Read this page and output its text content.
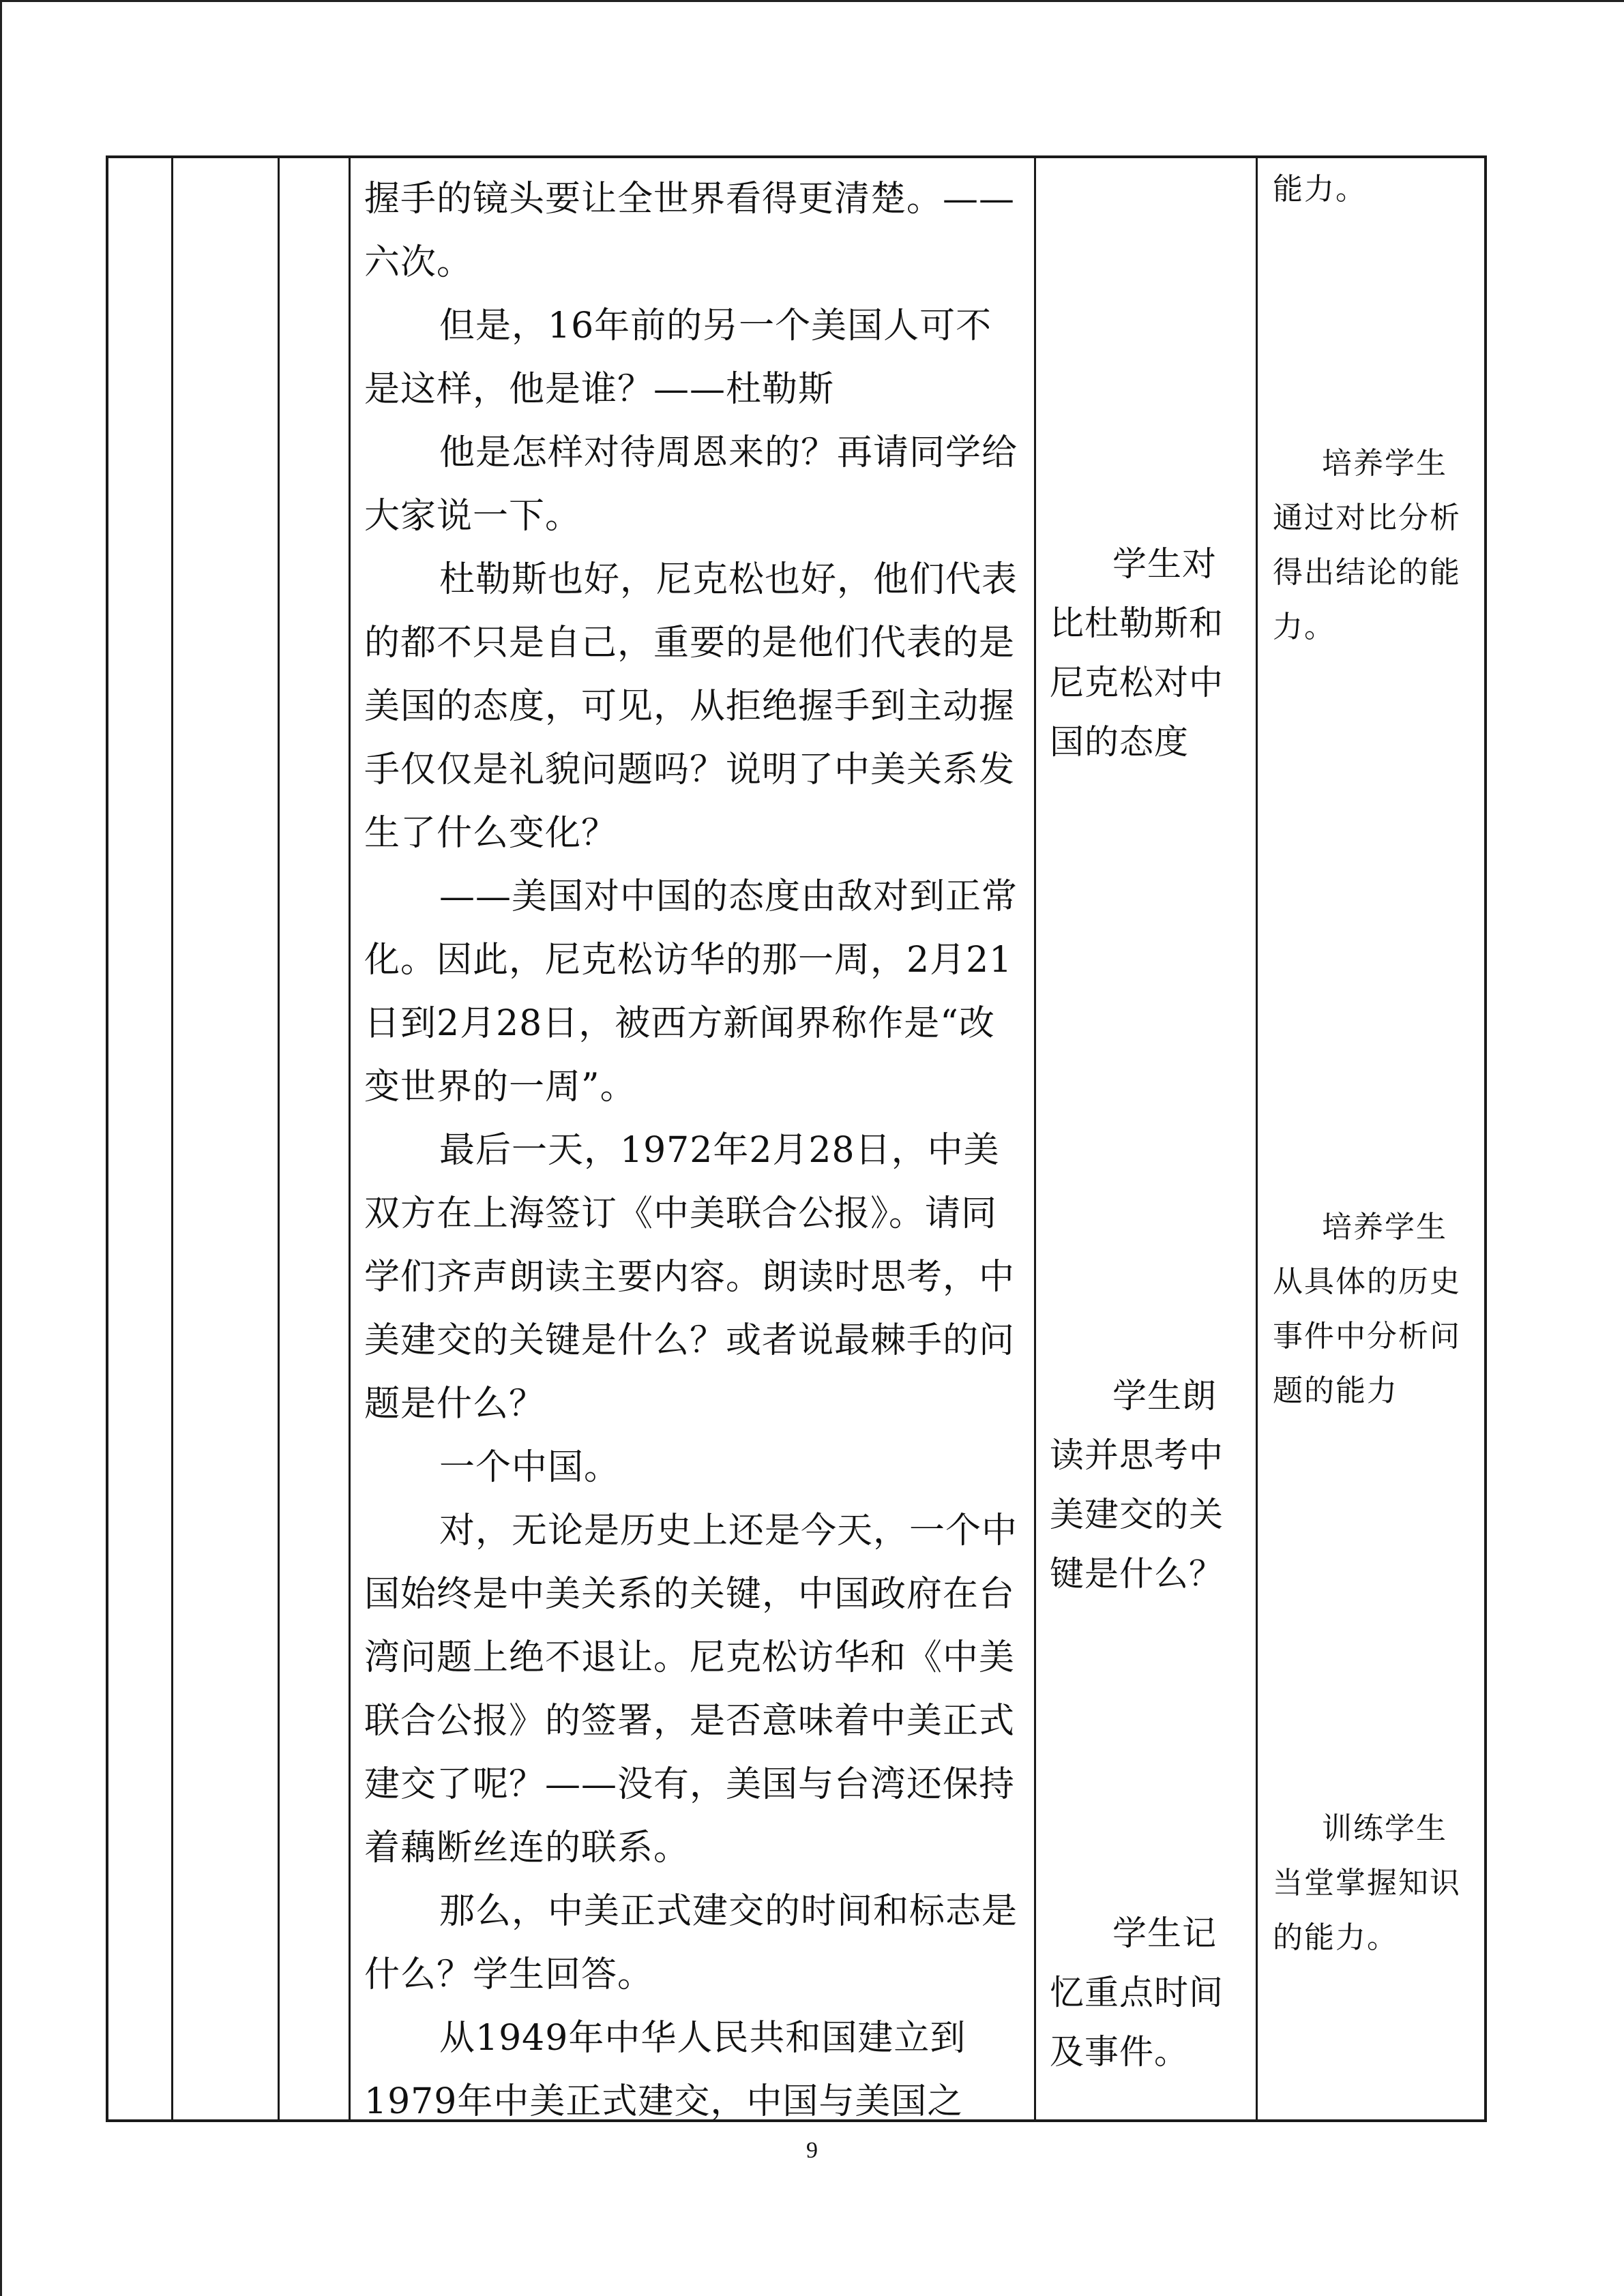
握手的镜头要让全世界看得更清楚。——六次。

但是，16年前的另一个美国人可不是这样，他是谁？——杜勒斯

他是怎样对待周恩来的？再请同学给大家说一下。

杜勒斯也好，尼克松也好，他们代表的都不只是自己，重要的是他们代表的是美国的态度，可见，从拒绝握手到主动握手仅仅是礼貌问题吗？说明了中美关系发生了什么变化？

——美国对中国的态度由敌对到正常化。因此，尼克松访华的那一周，2月21日到2月28日，被西方新闻界称作是“改变世界的一周”。

最后一天，1972年2月28日，中美双方在上海签订《中美联合公报》。请同学们齐声朗读主要内容。朗读时思考，中美建交的关键是什么？或者说最棘手的问题是什么？

一个中国。

对，无论是历史上还是今天，一个中国始终是中美关系的关键，中国政府在台湾问题上绝不退让。尼克松访华和《中美联合公报》的签署，是否意味着中美正式建交了呢？——没有，美国与台湾还保持着藕断丝连的联系。

那么，中美正式建交的时间和标志是什么？学生回答。

从1949年中华人民共和国建立到1979年中美正式建交，中国与美国之

学生对比杜勒斯和尼克松对中国的态度
学生朗读并思考中美建交的关键是什么？
学生记忆重点时间及事件。
能力。
培养学生通过对比分析得出结论的能力。
培养学生从具体的历史事件中分析问题的能力
训练学生当堂掌握知识的能力。
9
